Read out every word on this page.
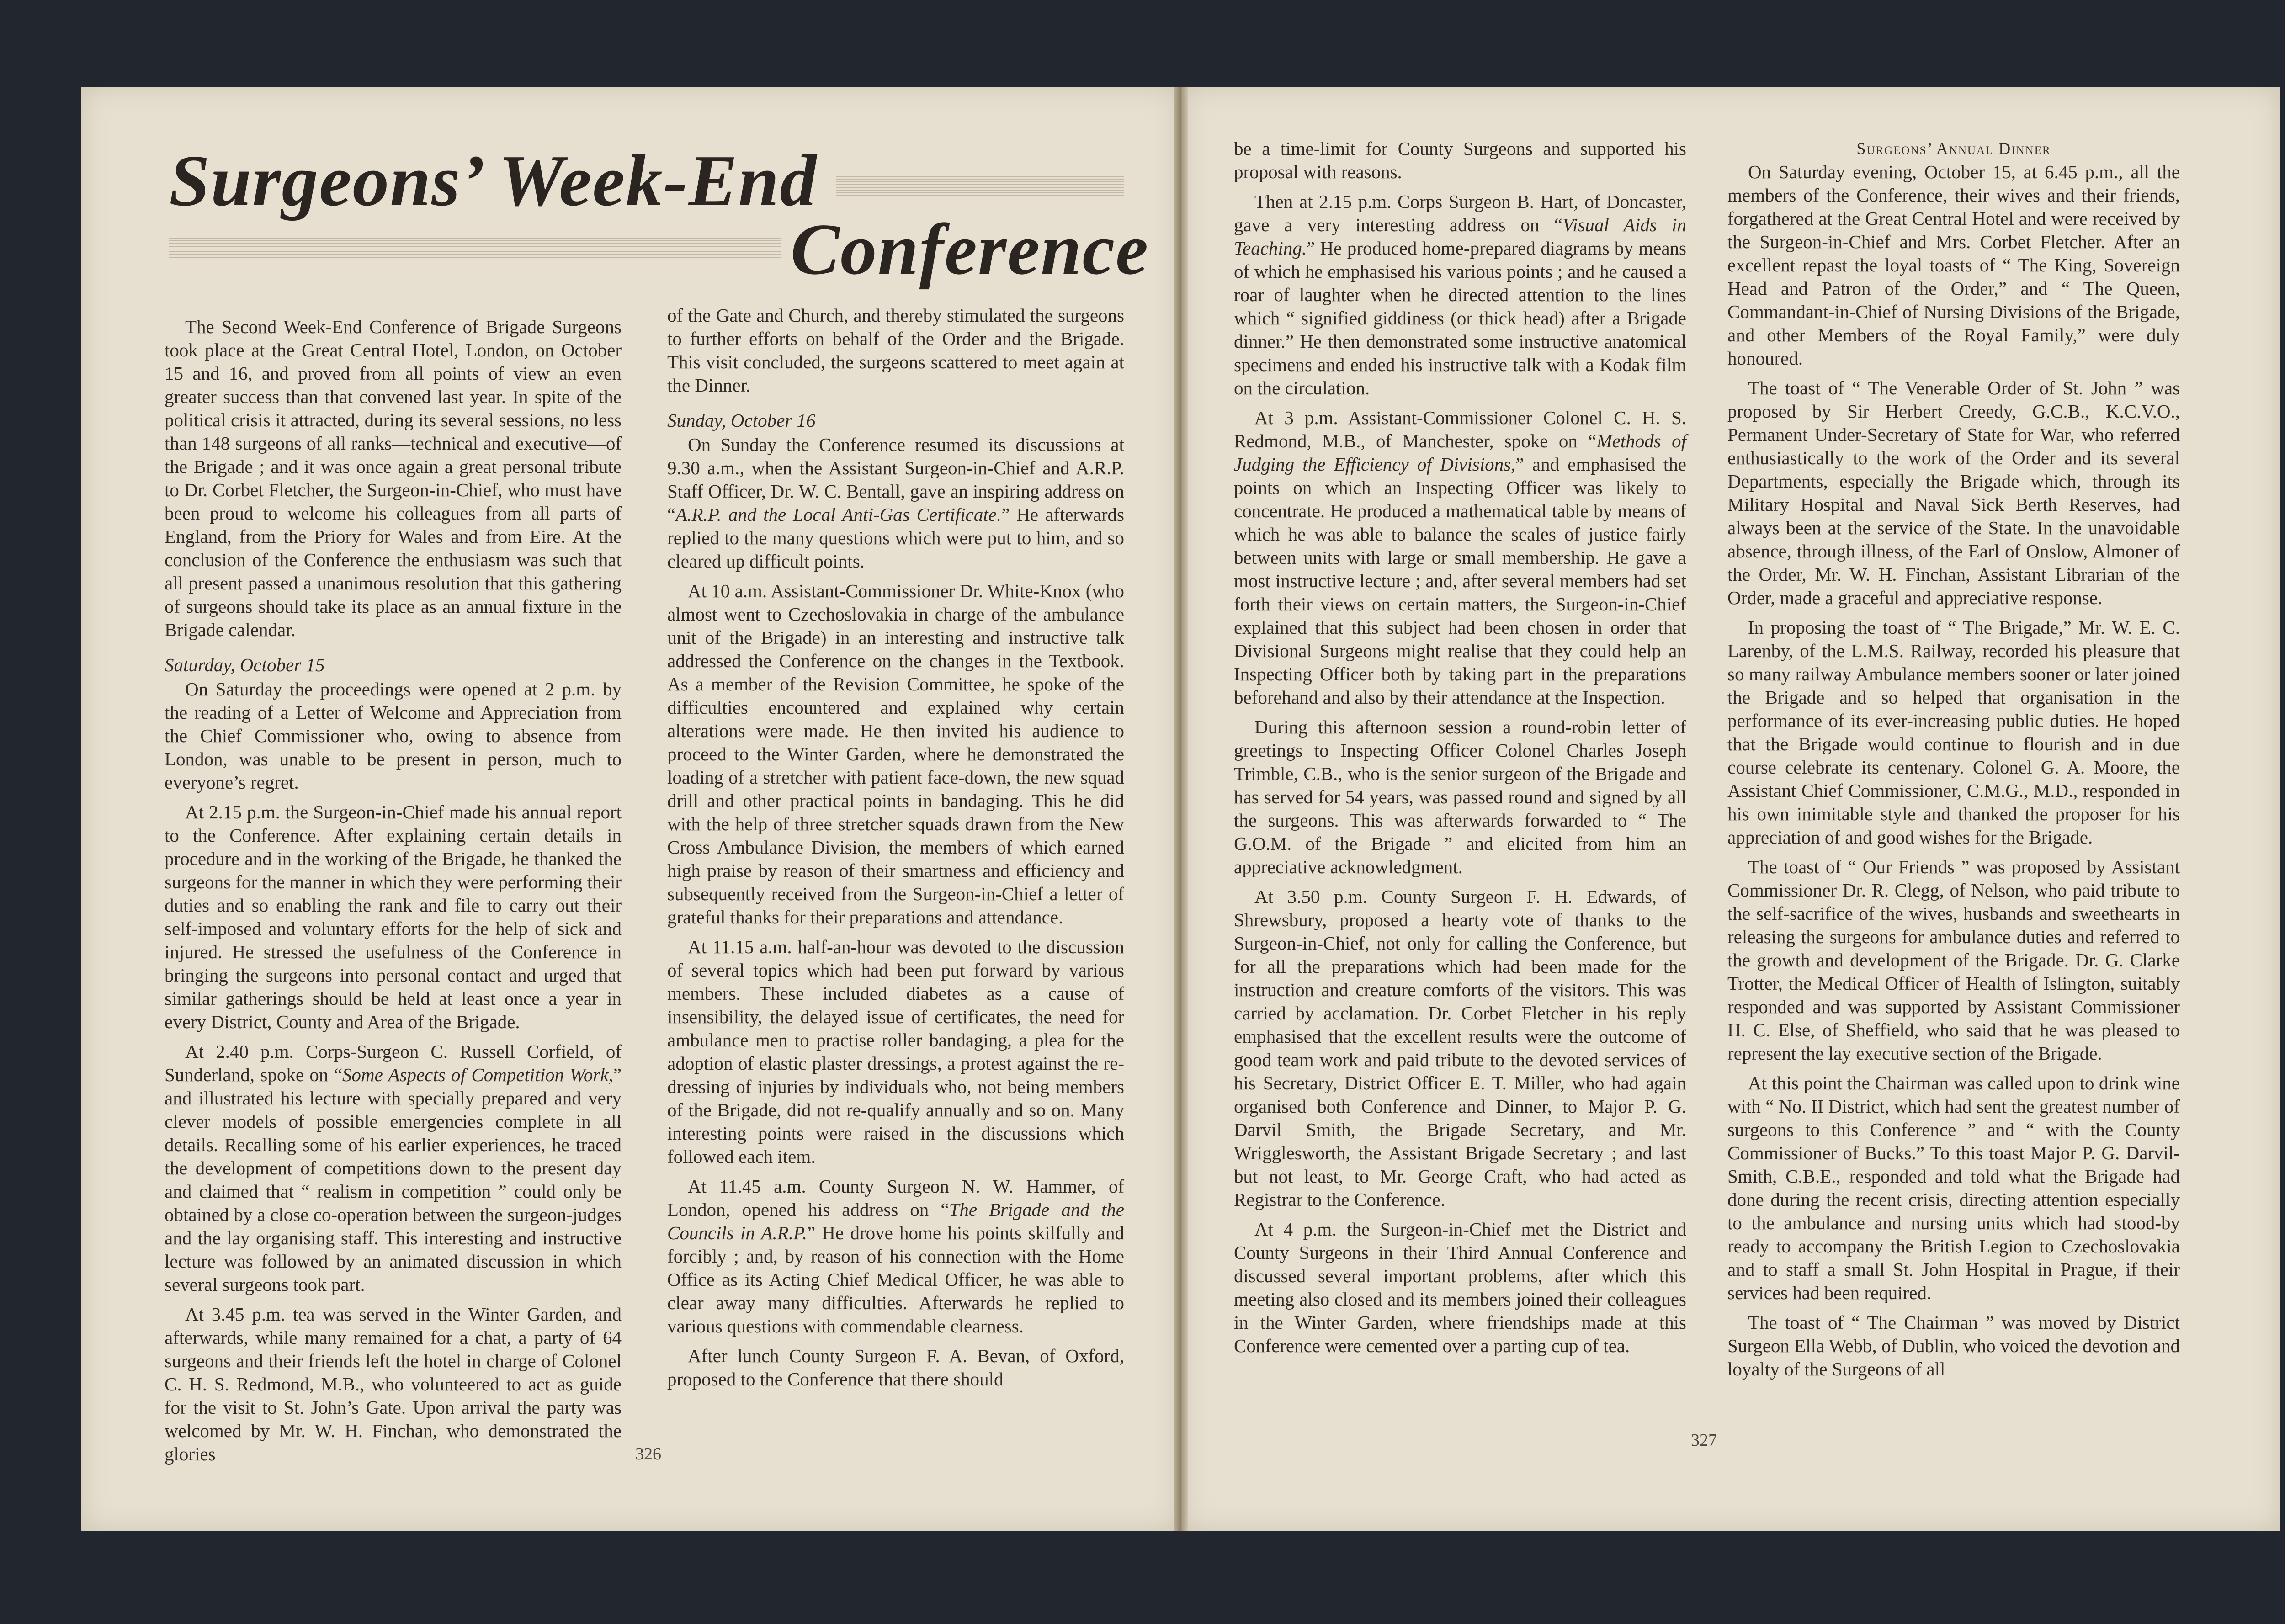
Surgeons’ Week-End
Conference

The Second Week-End Conference of Brigade Surgeons took place at the Great Central Hotel, London, on October 15 and 16, and proved from all points of view an even greater success than that convened last year. In spite of the political crisis it attracted, during its several sessions, no less than 148 surgeons of all ranks—technical and executive—of the Brigade ; and it was once again a great personal tribute to Dr. Corbet Fletcher, the Surgeon-in-Chief, who must have been proud to welcome his colleagues from all parts of England, from the Priory for Wales and from Eire. At the conclusion of the Conference the enthusiasm was such that all present passed a unanimous resolution that this gathering of surgeons should take its place as an annual fixture in the Brigade calendar.

Saturday, October 15

On Saturday the proceedings were opened at 2 p.m. by the reading of a Letter of Welcome and Appreciation from the Chief Commissioner who, owing to absence from London, was unable to be present in person, much to everyone’s regret.

At 2.15 p.m. the Surgeon-in-Chief made his annual report to the Conference. After explaining certain details in procedure and in the working of the Brigade, he thanked the surgeons for the manner in which they were performing their duties and so enabling the rank and file to carry out their self-imposed and voluntary efforts for the help of sick and injured. He stressed the usefulness of the Conference in bringing the surgeons into personal contact and urged that similar gatherings should be held at least once a year in every District, County and Area of the Brigade.

At 2.40 p.m. Corps-Surgeon C. Russell Corfield, of Sunderland, spoke on “Some Aspects of Competition Work,” and illustrated his lecture with specially prepared and very clever models of possible emergencies complete in all details. Recalling some of his earlier experiences, he traced the development of competitions down to the present day and claimed that “ realism in competition ” could only be obtained by a close co-operation between the surgeon-judges and the lay organising staff. This interesting and instructive lecture was followed by an animated discussion in which several surgeons took part.

At 3.45 p.m. tea was served in the Winter Garden, and afterwards, while many remained for a chat, a party of 64 surgeons and their friends left the hotel in charge of Colonel C. H. S. Redmond, M.B., who volunteered to act as guide for the visit to St. John’s Gate. Upon arrival the party was welcomed by Mr. W. H. Finchan, who demonstrated the glories

of the Gate and Church, and thereby stimulated the surgeons to further efforts on behalf of the Order and the Brigade. This visit concluded, the surgeons scattered to meet again at the Dinner.

Sunday, October 16

On Sunday the Conference resumed its discussions at 9.30 a.m., when the Assistant Surgeon-in-Chief and A.R.P. Staff Officer, Dr. W. C. Bentall, gave an inspiring address on “A.R.P. and the Local Anti-Gas Certificate.” He afterwards replied to the many questions which were put to him, and so cleared up difficult points.

At 10 a.m. Assistant-Commissioner Dr. White-Knox (who almost went to Czechoslovakia in charge of the ambulance unit of the Brigade) in an interesting and instructive talk addressed the Conference on the changes in the Textbook. As a member of the Revision Committee, he spoke of the difficulties encountered and explained why certain alterations were made. He then invited his audience to proceed to the Winter Garden, where he demonstrated the loading of a stretcher with patient face-down, the new squad drill and other practical points in bandaging. This he did with the help of three stretcher squads drawn from the New Cross Ambulance Division, the members of which earned high praise by reason of their smartness and efficiency and subsequently received from the Surgeon-in-Chief a letter of grateful thanks for their preparations and attendance.

At 11.15 a.m. half-an-hour was devoted to the discussion of several topics which had been put forward by various members. These included diabetes as a cause of insensibility, the delayed issue of certificates, the need for ambulance men to practise roller bandaging, a plea for the adoption of elastic plaster dressings, a protest against the re-dressing of injuries by individuals who, not being members of the Brigade, did not re-qualify annually and so on. Many interesting points were raised in the discussions which followed each item.

At 11.45 a.m. County Surgeon N. W. Hammer, of London, opened his address on “The Brigade and the Councils in A.R.P.” He drove home his points skilfully and forcibly ; and, by reason of his connection with the Home Office as its Acting Chief Medical Officer, he was able to clear away many difficulties. Afterwards he replied to various questions with commendable clearness.

After lunch County Surgeon F. A. Bevan, of Oxford, proposed to the Conference that there should

326

be a time-limit for County Surgeons and supported his proposal with reasons.

Then at 2.15 p.m. Corps Surgeon B. Hart, of Doncaster, gave a very interesting address on “Visual Aids in Teaching.” He produced home-prepared diagrams by means of which he emphasised his various points ; and he caused a roar of laughter when he directed attention to the lines which “ signified giddiness (or thick head) after a Brigade dinner.” He then demonstrated some instructive anatomical specimens and ended his instructive talk with a Kodak film on the circulation.

At 3 p.m. Assistant-Commissioner Colonel C. H. S. Redmond, M.B., of Manchester, spoke on “Methods of Judging the Efficiency of Divisions,” and emphasised the points on which an Inspecting Officer was likely to concentrate. He produced a mathematical table by means of which he was able to balance the scales of justice fairly between units with large or small membership. He gave a most instructive lecture ; and, after several members had set forth their views on certain matters, the Surgeon-in-Chief explained that this subject had been chosen in order that Divisional Surgeons might realise that they could help an Inspecting Officer both by taking part in the preparations beforehand and also by their attendance at the Inspection.

During this afternoon session a round-robin letter of greetings to Inspecting Officer Colonel Charles Joseph Trimble, C.B., who is the senior surgeon of the Brigade and has served for 54 years, was passed round and signed by all the surgeons. This was afterwards forwarded to “ The G.O.M. of the Brigade ” and elicited from him an appreciative acknowledgment.

At 3.50 p.m. County Surgeon F. H. Edwards, of Shrewsbury, proposed a hearty vote of thanks to the Surgeon-in-Chief, not only for calling the Conference, but for all the preparations which had been made for the instruction and creature comforts of the visitors. This was carried by acclamation. Dr. Corbet Fletcher in his reply emphasised that the excellent results were the outcome of good team work and paid tribute to the devoted services of his Secretary, District Officer E. T. Miller, who had again organised both Conference and Dinner, to Major P. G. Darvil Smith, the Brigade Secretary, and Mr. Wrigglesworth, the Assistant Brigade Secretary ; and last but not least, to Mr. George Craft, who had acted as Registrar to the Conference.

At 4 p.m. the Surgeon-in-Chief met the District and County Surgeons in their Third Annual Conference and discussed several important problems, after which this meeting also closed and its members joined their colleagues in the Winter Garden, where friendships made at this Conference were cemented over a parting cup of tea.

Surgeons’ Annual Dinner

On Saturday evening, October 15, at 6.45 p.m., all the members of the Conference, their wives and their friends, forgathered at the Great Central Hotel and were received by the Surgeon-in-Chief and Mrs. Corbet Fletcher. After an excellent repast the loyal toasts of “ The King, Sovereign Head and Patron of the Order,” and “ The Queen, Commandant-in-Chief of Nursing Divisions of the Brigade, and other Members of the Royal Family,” were duly honoured.

The toast of “ The Venerable Order of St. John ” was proposed by Sir Herbert Creedy, G.C.B., K.C.V.O., Permanent Under-Secretary of State for War, who referred enthusiastically to the work of the Order and its several Departments, especially the Brigade which, through its Military Hospital and Naval Sick Berth Reserves, had always been at the service of the State. In the unavoidable absence, through illness, of the Earl of Onslow, Almoner of the Order, Mr. W. H. Finchan, Assistant Librarian of the Order, made a graceful and appreciative response.

In proposing the toast of “ The Brigade,” Mr. W. E. C. Larenby, of the L.M.S. Railway, recorded his pleasure that so many railway Ambulance members sooner or later joined the Brigade and so helped that organisation in the performance of its ever-increasing public duties. He hoped that the Brigade would continue to flourish and in due course celebrate its centenary. Colonel G. A. Moore, the Assistant Chief Commissioner, C.M.G., M.D., responded in his own inimitable style and thanked the proposer for his appreciation of and good wishes for the Brigade.

The toast of “ Our Friends ” was proposed by Assistant Commissioner Dr. R. Clegg, of Nelson, who paid tribute to the self-sacrifice of the wives, husbands and sweethearts in releasing the surgeons for ambulance duties and referred to the growth and development of the Brigade. Dr. G. Clarke Trotter, the Medical Officer of Health of Islington, suitably responded and was supported by Assistant Commissioner H. C. Else, of Sheffield, who said that he was pleased to represent the lay executive section of the Brigade.

At this point the Chairman was called upon to drink wine with “ No. II District, which had sent the greatest number of surgeons to this Conference ” and “ with the County Commissioner of Bucks.” To this toast Major P. G. Darvil-Smith, C.B.E., responded and told what the Brigade had done during the recent crisis, directing attention especially to the ambulance and nursing units which had stood-by ready to accompany the British Legion to Czechoslovakia and to staff a small St. John Hospital in Prague, if their services had been required.

The toast of “ The Chairman ” was moved by District Surgeon Ella Webb, of Dublin, who voiced the devotion and loyalty of the Surgeons of all

327
